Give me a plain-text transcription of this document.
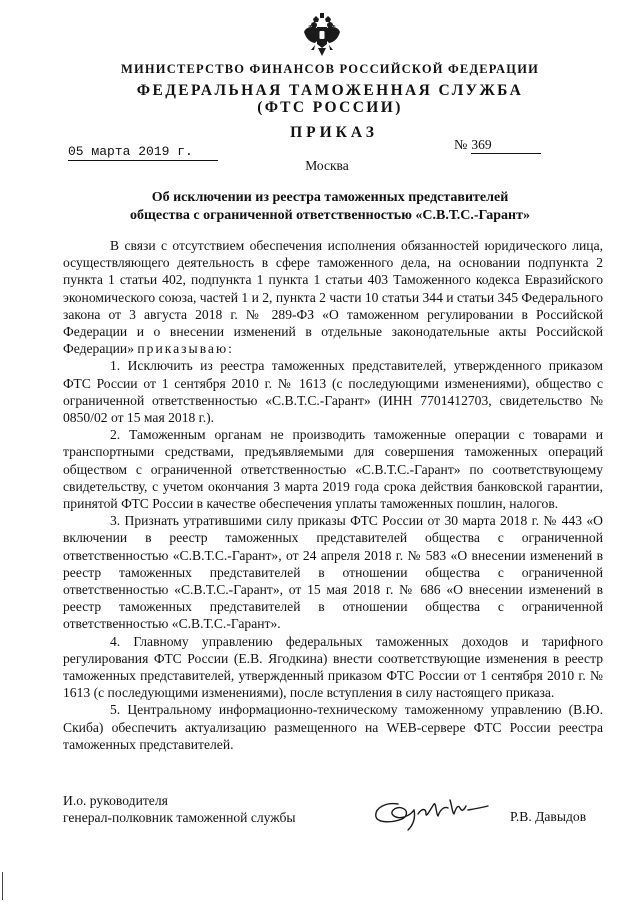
МИНИСТЕРСТВО ФИНАНСОВ РОССИЙСКОЙ ФЕДЕРАЦИИ
ФЕДЕРАЛЬНАЯ ТАМОЖЕННАЯ СЛУЖБА
(ФТС РОССИИ)
ПРИКАЗ
05 марта 2019 г.	№ 369
Москва
Об исключении из реестра таможенных представителей
общества с ограниченной ответственностью «С.В.Т.С.-Гарант»

В связи с отсутствием обеспечения исполнения обязанностей юридического лица, осуществляющего деятельность в сфере таможенного дела, на основании подпункта 2 пункта 1 статьи 402, подпункта 1 пункта 1 статьи 403 Таможенного кодекса Евразийского экономического союза, частей 1 и 2, пункта 2 части 10 статьи 344 и статьи 345 Федерального закона от 3 августа 2018 г. № 289-ФЗ «О таможенном регулировании в Российской Федерации и о внесении изменений в отдельные законодательные акты Российской Федерации» приказываю:

1. Исключить из реестра таможенных представителей, утвержденного приказом ФТС России от 1 сентября 2010 г. № 1613 (с последующими изменениями), общество с ограниченной ответственностью «С.В.Т.С.-Гарант» (ИНН 7701412703, свидетельство № 0850/02 от 15 мая 2018 г.).

2. Таможенным органам не производить таможенные операции с товарами и транспортными средствами, предъявляемыми для совершения таможенных операций обществом с ограниченной ответственностью «С.В.Т.С.-Гарант» по соответствующему свидетельству, с учетом окончания 3 марта 2019 года срока действия банковской гарантии, принятой ФТС России в качестве обеспечения уплаты таможенных пошлин, налогов.

3. Признать утратившими силу приказы ФТС России от 30 марта 2018 г. № 443 «О включении в реестр таможенных представителей общества с ограниченной ответственностью «С.В.Т.С.-Гарант», от 24 апреля 2018 г. № 583 «О внесении изменений в реестр таможенных представителей в отношении общества с ограниченной ответственностью «С.В.Т.С.-Гарант», от 15 мая 2018 г. № 686 «О внесении изменений в реестр таможенных представителей в отношении общества с ограниченной ответственностью «С.В.Т.С.-Гарант».

4. Главному управлению федеральных таможенных доходов и тарифного регулирования ФТС России (Е.В. Ягодкина) внести соответствующие изменения в реестр таможенных представителей, утвержденный приказом ФТС России от 1 сентября 2010 г. № 1613 (с последующими изменениями), после вступления в силу настоящего приказа.

5. Центральному информационно-техническому таможенному управлению (В.Ю. Скиба) обеспечить актуализацию размещенного на WEB-сервере ФТС России реестра таможенных представителей.

И.о. руководителя
генерал-полковник таможенной службы	Р.В. Давыдов
